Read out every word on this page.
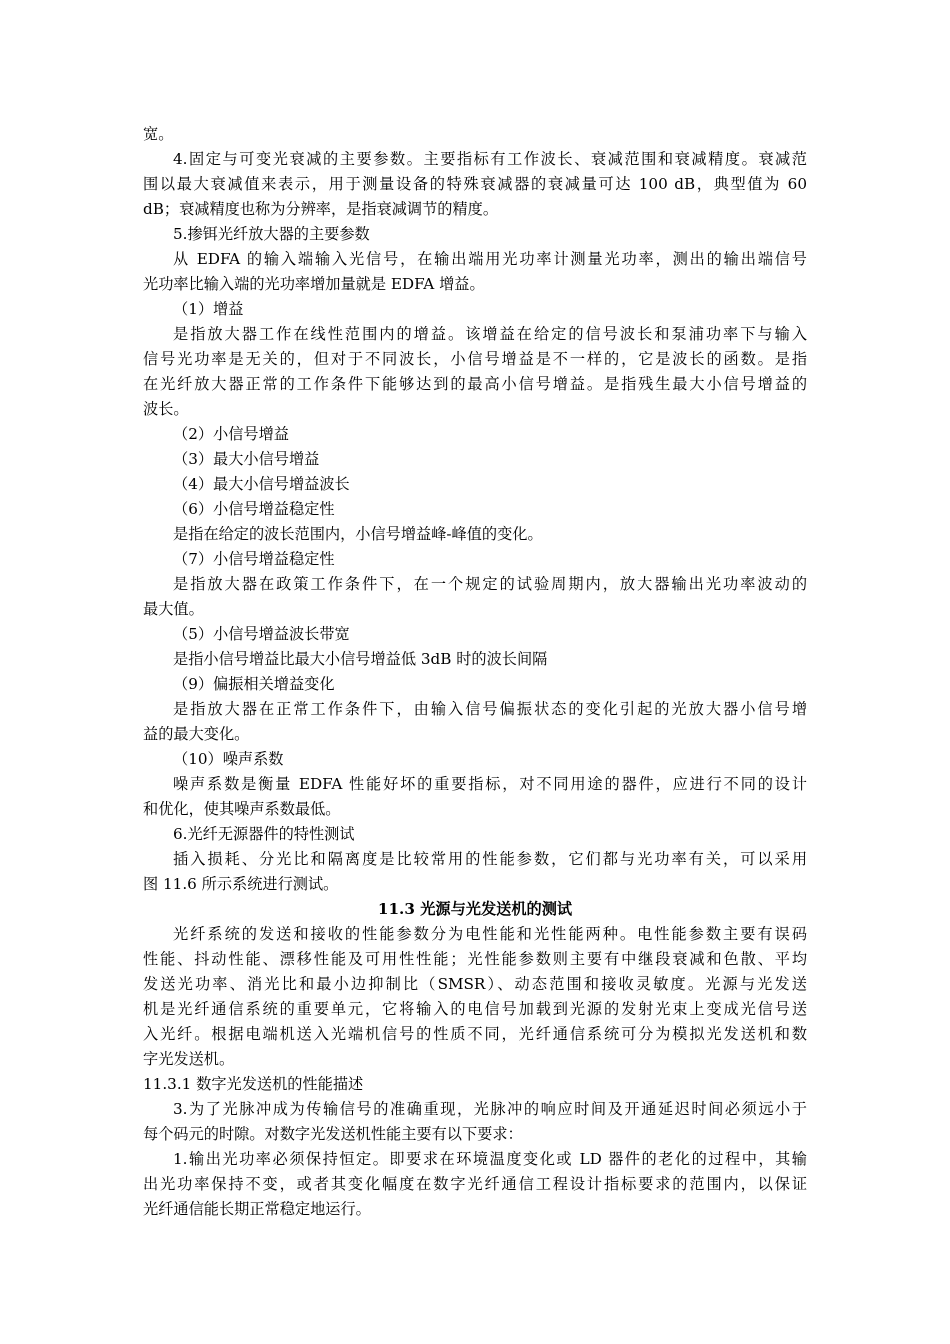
宽。
4.固定与可变光衰减的主要参数。主要指标有工作波长、衰减范围和衰减精度。衰减范
围以最大衰减值来表示，用于测量设备的特殊衰减器的衰减量可达 100 dB，典型值为 60
dB；衰减精度也称为分辨率，是指衰减调节的精度。
5.掺铒光纤放大器的主要参数
从 EDFA 的输入端输入光信号，在输出端用光功率计测量光功率，测出的输出端信号
光功率比输入端的光功率增加量就是 EDFA 增益。
（1）增益
是指放大器工作在线性范围内的增益。该增益在给定的信号波长和泵浦功率下与输入
信号光功率是无关的，但对于不同波长，小信号增益是不一样的，它是波长的函数。是指
在光纤放大器正常的工作条件下能够达到的最高小信号增益。是指残生最大小信号增益的
波长。
（2）小信号增益
（3）最大小信号增益
（4）最大小信号增益波长
（6）小信号增益稳定性
是指在给定的波长范围内，小信号增益峰-峰值的变化。
（7）小信号增益稳定性
是指放大器在政策工作条件下，在一个规定的试验周期内，放大器输出光功率波动的
最大值。
（5）小信号增益波长带宽
是指小信号增益比最大小信号增益低 3dB 时的波长间隔
（9）偏振相关增益变化
是指放大器在正常工作条件下，由输入信号偏振状态的变化引起的光放大器小信号增
益的最大变化。
（10）噪声系数
噪声系数是衡量 EDFA 性能好坏的重要指标，对不同用途的器件，应进行不同的设计
和优化，使其噪声系数最低。
6.光纤无源器件的特性测试
插入损耗、分光比和隔离度是比较常用的性能参数，它们都与光功率有关，可以采用
图 11.6 所示系统进行测试。
11.3 光源与光发送机的测试
光纤系统的发送和接收的性能参数分为电性能和光性能两种。电性能参数主要有误码
性能、抖动性能、漂移性能及可用性性能；光性能参数则主要有中继段衰减和色散、平均
发送光功率、消光比和最小边抑制比（SMSR）、动态范围和接收灵敏度。光源与光发送
机是光纤通信系统的重要单元，它将输入的电信号加载到光源的发射光束上变成光信号送
入光纤。根据电端机送入光端机信号的性质不同，光纤通信系统可分为模拟光发送机和数
字光发送机。
11.3.1 数字光发送机的性能描述
3.为了光脉冲成为传输信号的准确重现，光脉冲的响应时间及开通延迟时间必须远小于
每个码元的时隙。对数字光发送机性能主要有以下要求：
1.输出光功率必须保持恒定。即要求在环境温度变化或 LD 器件的老化的过程中，其输
出光功率保持不变，或者其变化幅度在数字光纤通信工程设计指标要求的范围内，以保证
光纤通信能长期正常稳定地运行。
